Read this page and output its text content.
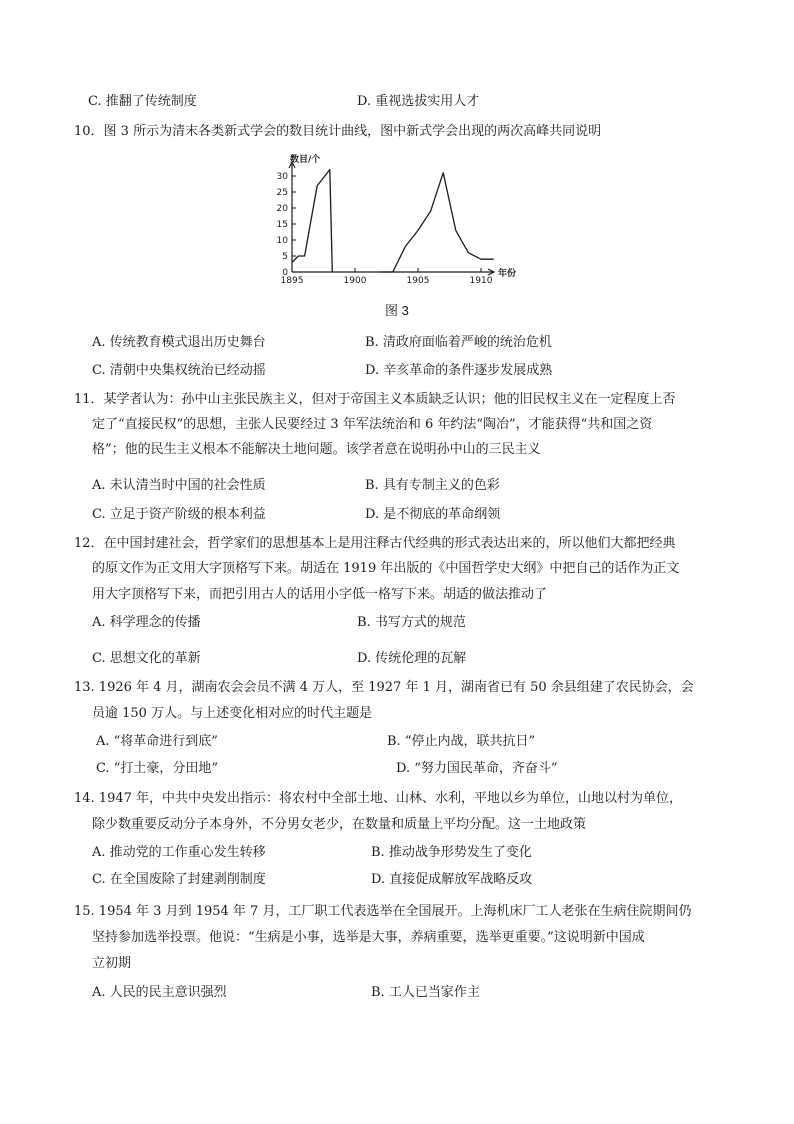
C. 推翻了传统制度	D. 重视选拔实用人才
10．图 3 所示为清末各类新式学会的数目统计曲线，图中新式学会出现的两次高峰共同说明
0
5
10
15
20
25
30
1895	1900	1905	1910
数目/个
年份
图 3
A. 传统教育模式退出历史舞台	B. 清政府面临着严峻的统治危机
C. 清朝中央集权统治已经动摇	D. 辛亥革命的条件逐步发展成熟
11．某学者认为：孙中山主张民族主义，但对于帝国主义本质缺乏认识；他的旧民权主义在一定程度上否
定了“直接民权”的思想，主张人民要经过 3 年军法统治和 6 年约法“陶冶”，才能获得“共和国之资
格”；他的民生主义根本不能解决土地问题。该学者意在说明孙中山的三民主义
A. 未认清当时中国的社会性质	B. 具有专制主义的色彩
C. 立足于资产阶级的根本利益	D. 是不彻底的革命纲领
12．在中国封建社会，哲学家们的思想基本上是用注释古代经典的形式表达出来的，所以他们大都把经典
的原文作为正文用大字顶格写下来。胡适在 1919 年出版的《中国哲学史大纲》中把自己的话作为正文
用大字顶格写下来，而把引用古人的话用小字低一格写下来。胡适的做法推动了
A. 科学理念的传播	B. 书写方式的规范
C. 思想文化的革新	D. 传统伦理的瓦解
13. 1926 年 4 月，湖南农会会员不满 4 万人，至 1927 年 1 月，湖南省已有 50 余县组建了农民协会，会
员逾 150 万人。与上述变化相对应的时代主题是
A. “将革命进行到底”	B. “停止内战，联共抗日”
C. “打土豪，分田地”	D. “努力国民革命，齐奋斗”
14. 1947 年，中共中央发出指示：将农村中全部土地、山林、水利，平地以乡为单位，山地以村为单位，
除少数重要反动分子本身外，不分男女老少，在数量和质量上平均分配。这一土地政策
A. 推动党的工作重心发生转移	B. 推动战争形势发生了变化
C. 在全国废除了封建剥削制度	D. 直接促成解放军战略反攻
15. 1954 年 3 月到 1954 年 7 月，工厂职工代表选举在全国展开。上海机床厂工人老张在生病住院期间仍
坚持参加选举投票。他说：“生病是小事，选举是大事，养病重要，选举更重要。”这说明新中国成
立初期
A. 人民的民主意识强烈	B. 工人已当家作主
